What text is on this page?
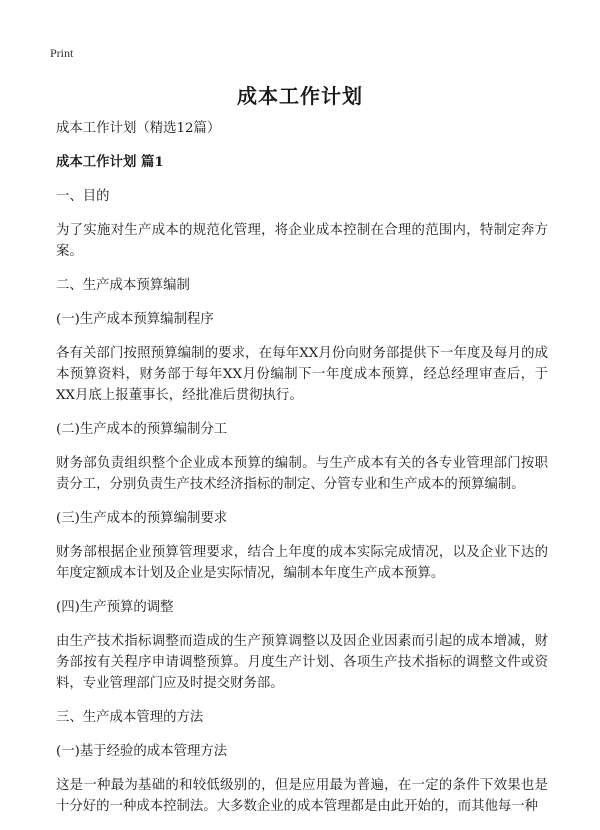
Print
成本工作计划
成本工作计划（精选12篇）
成本工作计划 篇1
一、目的
为了实施对生产成本的规范化管理，将企业成本控制在合理的范围内，特制定奔方案。
二、生产成本预算编制
(一)生产成本预算编制程序
各有关部门按照预算编制的要求，在每年XX月份向财务部提供下一年度及每月的成本预算资料，财务部于每年XX月份编制下一年度成本预算，经总经理审查后，于XX月底上报董事长，经批准后贯彻执行。
(二)生产成本的预算编制分工
财务部负责组织整个企业成本预算的编制。与生产成本有关的各专业管理部门按职责分工，分别负责生产技术经济指标的制定、分管专业和生产成本的预算编制。
(三)生产成本的预算编制要求
财务部根据企业预算管理要求，结合上年度的成本实际完成情况，以及企业下达的年度定额成本计划及企业是实际情况，编制本年度生产成本预算。
(四)生产预算的调整
由生产技术指标调整而造成的生产预算调整以及因企业因素而引起的成本增减，财务部按有关程序申请调整预算。月度生产计划、各项生产技术指标的调整文件或资料，专业管理部门应及时提交财务部。
三、生产成本管理的方法
(一)基于经验的成本管理方法
这是一种最为基础的和较低级别的，但是应用最为普遍，在一定的条件下效果也是十分好的一种成本控制法。大多数企业的成本管理都是由此开始的，而其他每一种
